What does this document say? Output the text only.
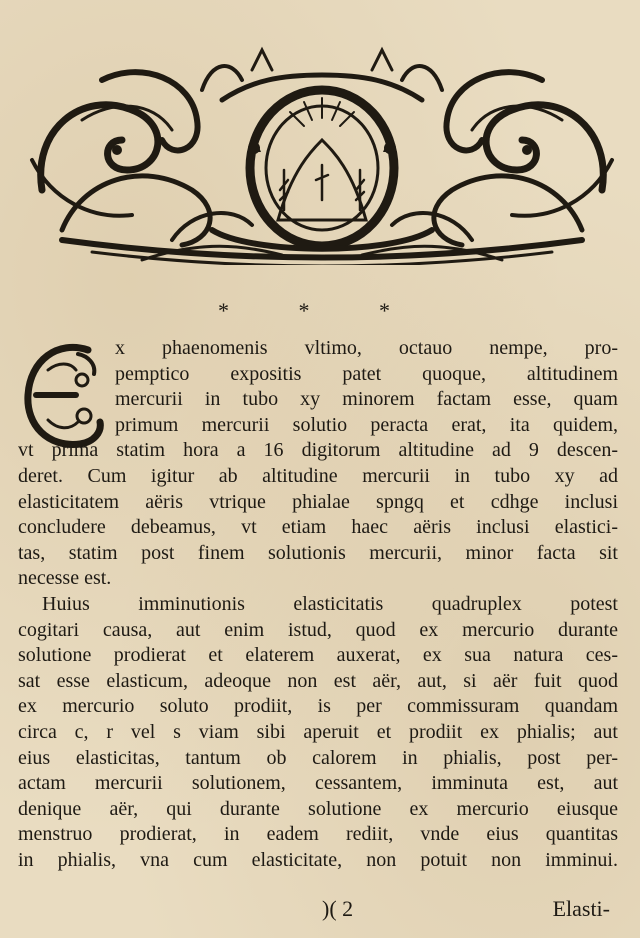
* * *
x phaenomenis vltimo, octauo nempe, pro-
pemptico expositis patet quoque, altitudinem
mercurii in tubo xy minorem factam esse, quam
primum mercurii solutio peracta erat, ita quidem,
vt prima statim hora a 16 digitorum altitudine ad 9 descen-
deret. Cum igitur ab altitudine mercurii in tubo xy ad
elasticitatem aëris vtrique phialae spngq et cdhge inclusi
concludere debeamus, vt etiam haec aëris inclusi elastici-
tas, statim post finem solutionis mercurii, minor facta sit
necesse est.
Huius imminutionis elasticitatis quadruplex potest
cogitari causa, aut enim istud, quod ex mercurio durante
solutione prodierat et elaterem auxerat, ex sua natura ces-
sat esse elasticum, adeoque non est aër, aut, si aër fuit quod
ex mercurio soluto prodiit, is per commissuram quandam
circa c, r vel s viam sibi aperuit et prodiit ex phialis; aut
eius elasticitas, tantum ob calorem in phialis, post per-
actam mercurii solutionem, cessantem, imminuta est, aut
denique aër, qui durante solutione ex mercurio eiusque
menstruo prodierat, in eadem rediit, vnde eius quantitas
in phialis, vna cum elasticitate, non potuit non imminui.
)( 2	Elasti-
